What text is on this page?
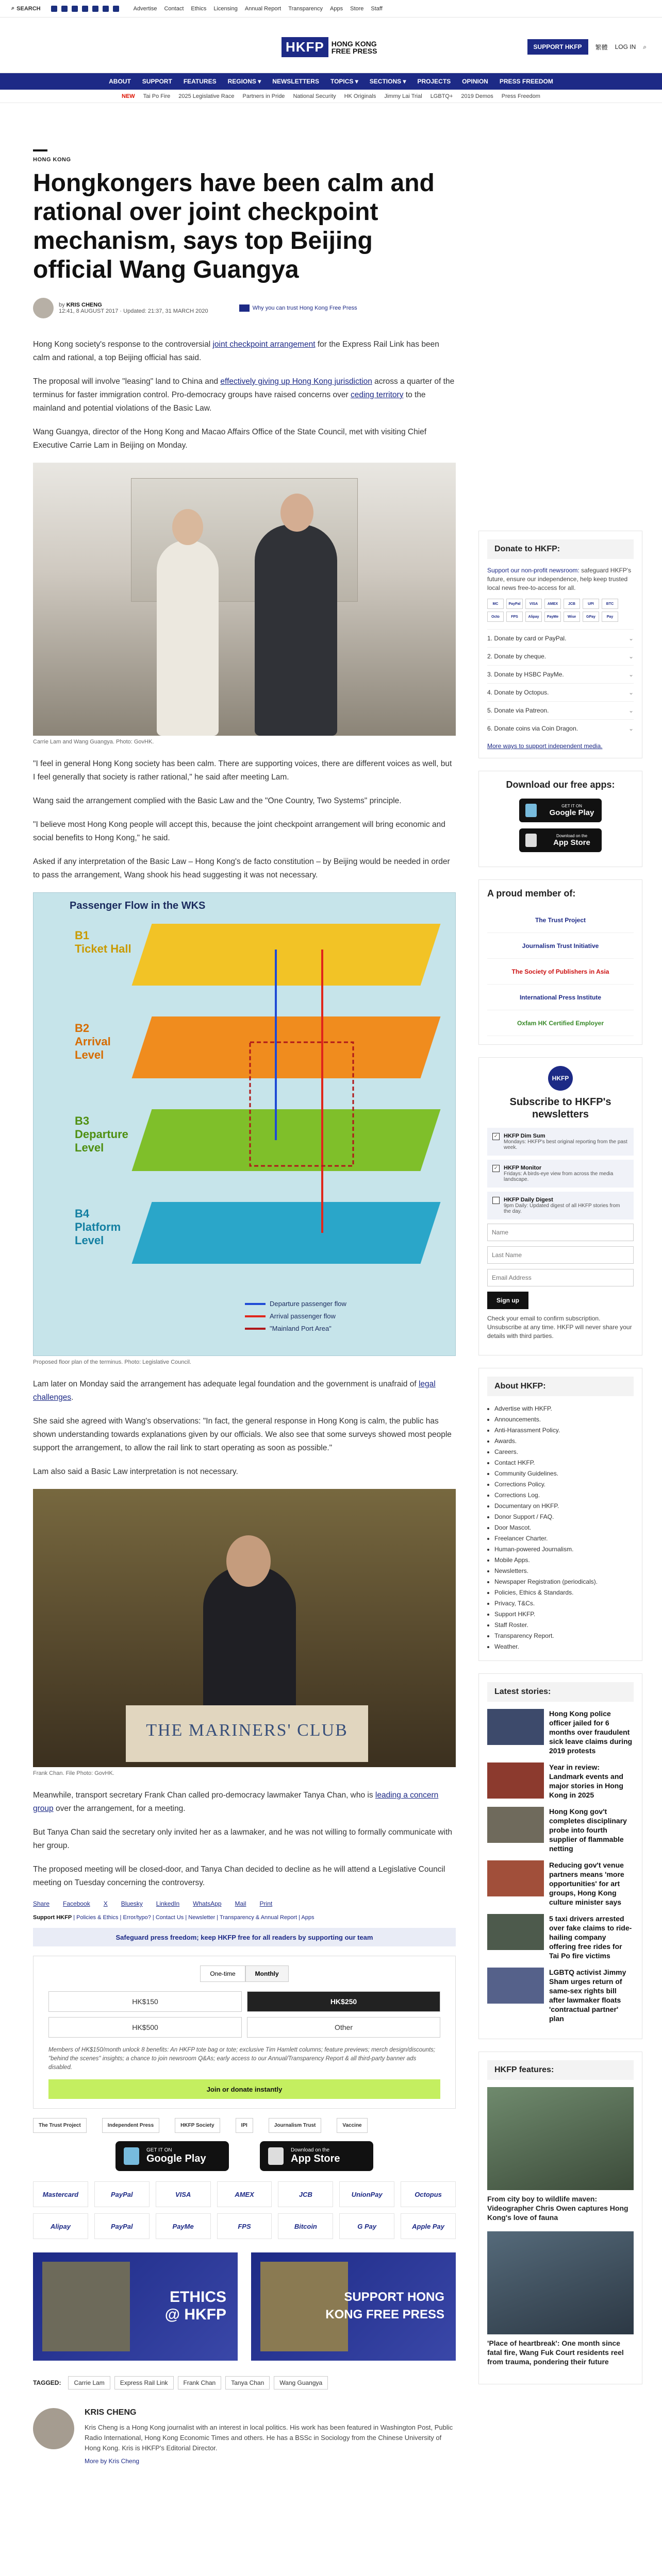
⌕ SEARCH	Advertise Contact Ethics Licensing Annual Report Transparency Apps Store Staff
HKFP	HONG KONG
FREE PRESS	SUPPORT HKFP	繁體 LOG IN ⌕
ABOUT SUPPORT FEATURES REGIONS ▾ NEWSLETTERS TOPICS ▾ SECTIONS ▾ PROJECTS OPINION PRESS FREEDOM
NEW Tai Po Fire 2025 Legislative Race Partners in Pride National Security HK Originals Jimmy Lai Trial LGBTQ+ 2019 Demos Press Freedom
HONG KONG
Hongkongers have been calm and rational over joint checkpoint mechanism, says top Beijing official Wang Guangya
by KRIS CHENG
12:41, 8 AUGUST 2017 · Updated: 21:37, 31 MARCH 2020	Why you can trust Hong Kong Free Press

Hong Kong society's response to the controversial joint checkpoint arrangement for the Express Rail Link has been calm and rational, a top Beijing official has said.

The proposal will involve "leasing" land to China and effectively giving up Hong Kong jurisdiction across a quarter of the terminus for faster immigration control. Pro-democracy groups have raised concerns over ceding territory to the mainland and potential violations of the Basic Law.

Wang Guangya, director of the Hong Kong and Macao Affairs Office of the State Council, met with visiting Chief Executive Carrie Lam in Beijing on Monday.

Carrie Lam and Wang Guangya. Photo: GovHK.

"I feel in general Hong Kong society has been calm. There are supporting voices, there are different voices as well, but I feel generally that society is rather rational," he said after meeting Lam.

Wang said the arrangement complied with the Basic Law and the "One Country, Two Systems" principle.

"I believe most Hong Kong people will accept this, because the joint checkpoint arrangement will bring economic and social benefits to Hong Kong," he said.

Asked if any interpretation of the Basic Law – Hong Kong's de facto constitution – by Beijing would be needed in order to pass the arrangement, Wang shook his head suggesting it was not necessary.

Passenger Flow in the WKS
B1
Ticket Hall
B2
Arrival Level
B3
Departure Level
B4
Platform Level
Departure passenger flow
Arrival passenger flow
"Mainland Port Area"
Proposed floor plan of the terminus. Photo: Legislative Council.

Lam later on Monday said the arrangement has adequate legal foundation and the government is unafraid of legal challenges.

She said she agreed with Wang's observations: "In fact, the general response in Hong Kong is calm, the public has shown understanding towards explanations given by our officials. We also see that some surveys showed most people support the arrangement, to allow the rail link to start operating as soon as possible."

Lam also said a Basic Law interpretation is not necessary.

THE MARINERS' CLUB
Frank Chan. File Photo: GovHK.

Meanwhile, transport secretary Frank Chan called pro-democracy lawmaker Tanya Chan, who is leading a concern group over the arrangement, for a meeting.

But Tanya Chan said the secretary only invited her as a lawmaker, and he was not willing to formally communicate with her group.

The proposed meeting will be closed-door, and Tanya Chan decided to decline as he will attend a Legislative Council meeting on Tuesday concerning the controversy.

Share Facebook X Bluesky LinkedIn WhatsApp Mail Print
Support HKFP | Policies & Ethics | Error/typo? | Contact Us | Newsletter | Transparency & Annual Report | Apps
Safeguard press freedom; keep HKFP free for all readers by supporting our team
One-time	Monthly
HK$150	HK$250
HK$500	Other

Members of HK$150/month unlock 8 benefits: An HKFP tote bag or tote; exclusive Tim Hamlett columns; feature previews; merch design/discounts; "behind the scenes" insights; a chance to join newsroom Q&As; early access to our Annual/Transparency Report & all third-party banner ads disabled.

Join or donate instantly
The Trust Project	Independent Press	HKFP Society	IPI	Journalism Trust	Vaccine
GET IT ON
Google Play
Download on the
App Store
Mastercard	PayPal	VISA	AMEX	JCB	UnionPay	Octopus
Alipay	PayPal	PayMe	FPS	Bitcoin	G Pay	Apple Pay
ETHICS
@ HKFP
SUPPORT HONG
KONG FREE PRESS
TAGGED:	Carrie Lam	Express Rail Link	Frank Chan	Tanya Chan	Wang Guangya
KRIS CHENG

Kris Cheng is a Hong Kong journalist with an interest in local politics. His work has been featured in Washington Post, Public Radio International, Hong Kong Economic Times and others. He has a BSSc in Sociology from the Chinese University of Hong Kong. Kris is HKFP's Editorial Director.

More by Kris Cheng
Donate to HKFP:

Support our non-profit newsroom: safeguard HKFP's future, ensure our independence, help keep trusted local news free-to-access for all.

MC	PayPal	VISA	AMEX	JCB	UPI	BTC
Octo	FPS	Alipay	PayMe	Wise	GPay	Pay
1. Donate by card or PayPal.	⌄
2. Donate by cheque.	⌄
3. Donate by HSBC PayMe.	⌄
4. Donate by Octopus.	⌄
5. Donate via Patreon.	⌄
6. Donate coins via Coin Dragon.	⌄
More ways to support independent media.
Download our free apps:
GET IT ON
Google Play
Download on the
App Store
A proud member of:
The Trust Project
Journalism Trust Initiative
The Society of Publishers in Asia
International Press Institute
Oxfam HK Certified Employer
HKFP
Subscribe to HKFP's newsletters
✓ HKFP Dim Sum
Mondays: HKFP's best original reporting from the past week.
✓ HKFP Monitor
Fridays: A birds-eye view from across the media landscape.
HKFP Daily Digest
9pm Daily: Updated digest of all HKFP stories from the day.
Name Last Name Email Address
Sign up

Check your email to confirm subscription. Unsubscribe at any time. HKFP will never share your details with third parties.

About HKFP:
• Advertise with HKFP.
• Announcements.
• Anti-Harassment Policy.
• Awards.
• Careers.
• Contact HKFP.
• Community Guidelines.
• Corrections Policy.
• Corrections Log.
• Documentary on HKFP.
• Donor Support / FAQ.
• Door Mascot.
• Freelancer Charter.
• Human-powered Journalism.
• Mobile Apps.
• Newsletters.
• Newspaper Registration (periodicals).
• Policies, Ethics & Standards.
• Privacy, T&Cs.
• Support HKFP.
• Staff Roster.
• Transparency Report.
• Weather.
Latest stories:
Hong Kong police officer jailed for 6 months over fraudulent sick leave claims during 2019 protests
Year in review: Landmark events and major stories in Hong Kong in 2025
Hong Kong gov't completes disciplinary probe into fourth supplier of flammable netting
Reducing gov't venue partners means 'more opportunities' for art groups, Hong Kong culture minister says
5 taxi drivers arrested over fake claims to ride-hailing company offering free rides for Tai Po fire victims
LGBTQ activist Jimmy Sham urges return of same-sex rights bill after lawmaker floats 'contractual partner' plan
HKFP features:
From city boy to wildlife maven: Videographer Chris Owen captures Hong Kong's love of fauna
'Place of heartbreak': One month since fatal fire, Wang Fuk Court residents reel from trauma, pondering their future
